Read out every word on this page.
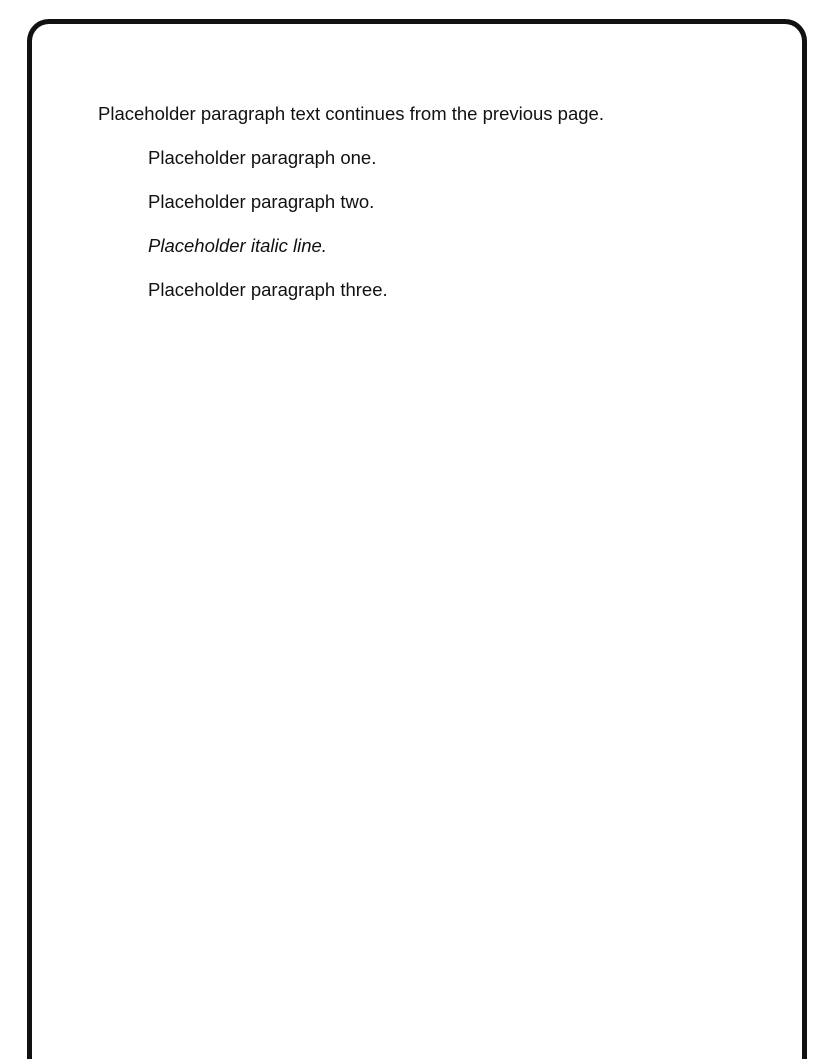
Placeholder paragraph text continues from the previous page.

Placeholder paragraph one.

Placeholder paragraph two.

Placeholder italic line.

Placeholder paragraph three.
